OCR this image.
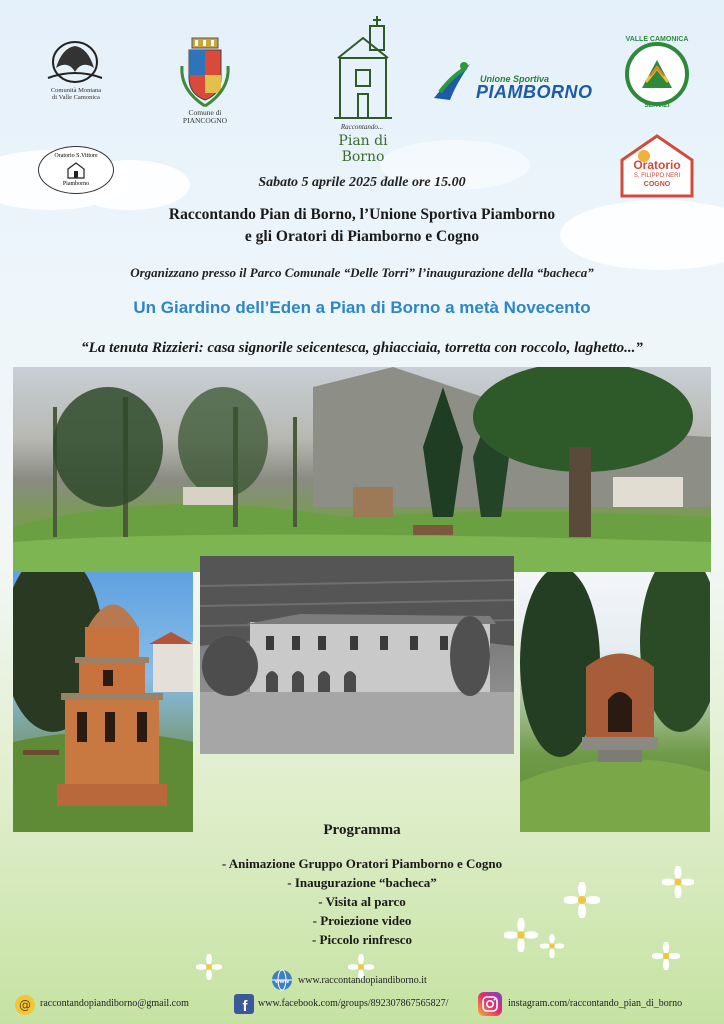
Comunità Montana
di Valle Camonica
Comune di
PIANCOGNO
Raccontando...
Pian di Borno
Unione Sportiva
PIAMBORNO
VALLE CAMONICA
SERVIZI
Oratorio S.Vittore
Piamborno
Oratorio
S. FILIPPO NERI
COGNO
Sabato 5 aprile 2025 dalle ore 15.00
Raccontando Pian di Borno, l’Unione Sportiva Piamborno
e gli Oratori di Piamborno e Cogno
Organizzano presso il Parco Comunale “Delle Torri” l’inaugurazione della “bacheca”
Un Giardino dell’Eden a Pian di Borno a metà Novecento
“La tenuta Rizzieri: casa signorile seicentesca, ghiacciaia, torretta con roccolo, laghetto...”
Programma
- Animazione Gruppo Oratori Piamborno e Cogno
- Inaugurazione “bacheca”
- Visita al parco
- Proiezione video
- Piccolo rinfresco
www www.raccontandopiandiborno.it
@ raccontandopiandiborno@gmail.com	f www.facebook.com/groups/892307867565827/	instagram.com/raccontando_pian_di_borno
